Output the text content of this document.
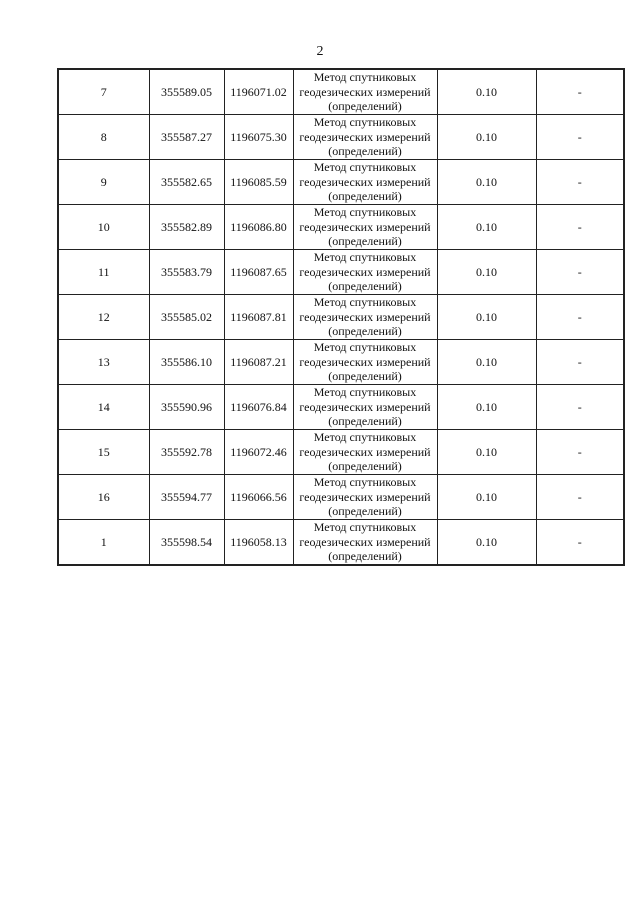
2
7	355589.05	1196071.02	Метод спутниковых
геодезических измерений
(определений)	0.10	-
8	355587.27	1196075.30	Метод спутниковых
геодезических измерений
(определений)	0.10	-
9	355582.65	1196085.59	Метод спутниковых
геодезических измерений
(определений)	0.10	-
10	355582.89	1196086.80	Метод спутниковых
геодезических измерений
(определений)	0.10	-
11	355583.79	1196087.65	Метод спутниковых
геодезических измерений
(определений)	0.10	-
12	355585.02	1196087.81	Метод спутниковых
геодезических измерений
(определений)	0.10	-
13	355586.10	1196087.21	Метод спутниковых
геодезических измерений
(определений)	0.10	-
14	355590.96	1196076.84	Метод спутниковых
геодезических измерений
(определений)	0.10	-
15	355592.78	1196072.46	Метод спутниковых
геодезических измерений
(определений)	0.10	-
16	355594.77	1196066.56	Метод спутниковых
геодезических измерений
(определений)	0.10	-
1	355598.54	1196058.13	Метод спутниковых
геодезических измерений
(определений)	0.10	-
